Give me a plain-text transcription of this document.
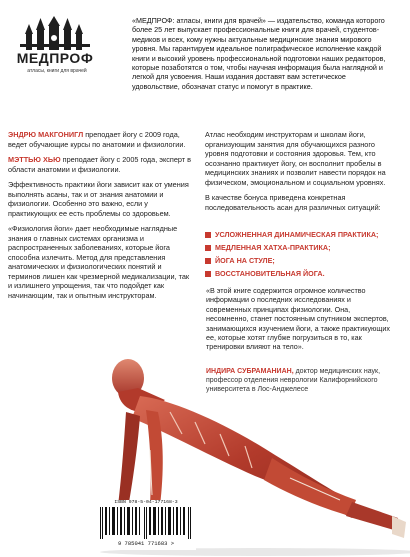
МЕДПРОФ
атласы, книги для врачей
«МЕДПРОФ: атласы, книги для врачей» — издательство, команда которого более 25 лет выпускает профессиональные книги для врачей, студентов-медиков и всех, кому нужны актуальные медицинские знания мирового уровня. Мы гарантируем идеальное полиграфическое исполнение каждой книги и высокий уровень профессиональной подготовки наших редакторов, которые позаботятся о том, чтобы научная информация была наглядной и легкой для усвоения. Наши издания доставят вам эстетическое удовольствие, обозначат статус и помогут в практике.

ЭНДРЮ МАКГОНИГЛ преподает йогу с 2009 года, ведет обучающие курсы по анатомии и физиологии.

МЭТТЬЮ ХЬЮ преподает йогу с 2005 года, эксперт в области анатомии и физиологии.

Эффективность практики йоги зависит как от умения выполнять асаны, так и от знания анатомии и физиологии. Особенно это важно, если у практикующих ее есть проблемы со здоровьем.

«Физиология йоги» дает необходимые наглядные знания о главных системах организма и распространенных заболеваниях, которые йога способна излечить. Метод для представления анатомических и физиологических понятий и терминов лишен как чрезмерной медикализации, так и излишнего упрощения, так что подойдет как начинающим, так и опытным инструкторам.

Атлас необходим инструкторам и школам йоги, организующим занятия для обучающихся разного уровня подготовки и состояния здоровья. Тем, кто осознанно практикует йогу, он восполнит пробелы в медицинских знаниях и позволит навести порядок на физическом, эмоциональном и социальном уровнях.

В качестве бонуса приведена конкретная последовательность асан для различных ситуаций:

УСЛОЖНЕННАЯ ДИНАМИЧЕСКАЯ ПРАКТИКА;
МЕДЛЕННАЯ ХАТХА-ПРАКТИКА;
ЙОГА НА СТУЛЕ;
ВОССТАНОВИТЕЛЬНАЯ ЙОГА.
«В этой книге содержится огромное количество информации о последних исследованиях и современных принципах физиологии. Она, несомненно, станет постоянным спутником экспертов, занимающихся изучением йоги, а также практикующих ее, которые хотят глубже погрузиться в то, как тренировки влияют на тело».
ИНДИРА СУБРАМАНИАН, доктор медицинских наук, профессор отделения неврологии Калифорнийского университета в Лос-Анджелесе
ISBN 978-5-04-177168-3
9 785041 771683 >
